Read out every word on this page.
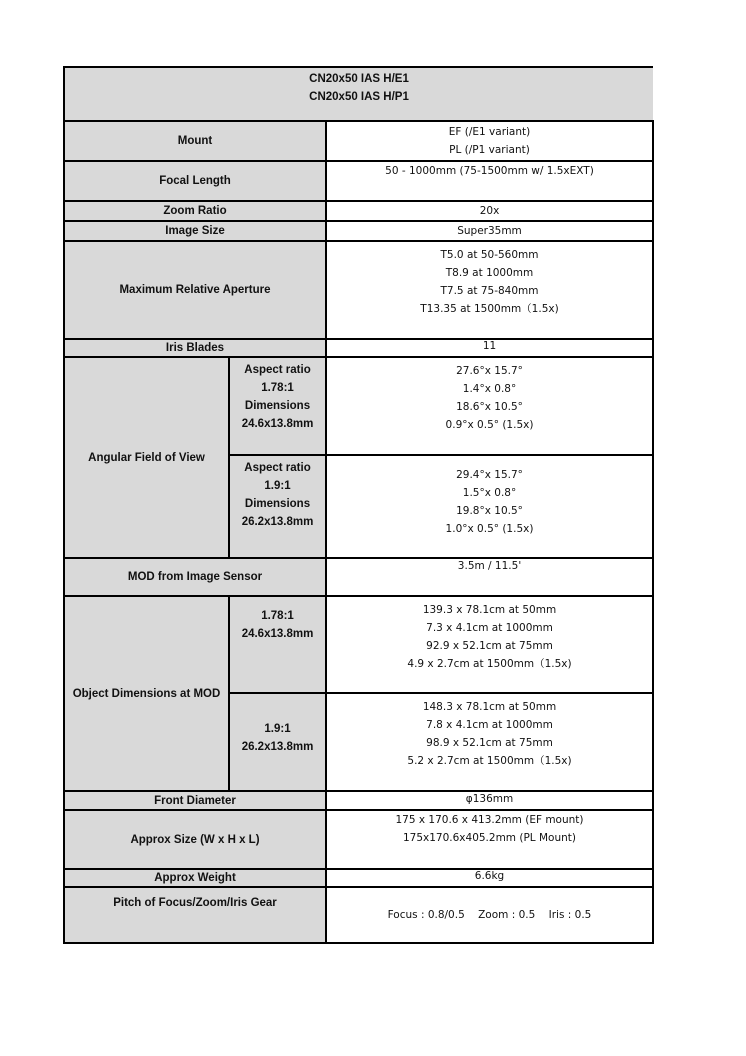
CN20x50 IAS H/E1
CN20x50 IAS H/P1		

Mount		EF (/E1 variant)
PL (/P1 variant)

Focal Length		50 - 1000mm (75-1500mm w/ 1.5xEXT)
Zoom Ratio		20x
Image Size		Super35mm
Maximum Relative Aperture		T5.0 at 50-560mm
T8.9 at 1000mm
T7.5 at 75-840mm
T13.35 at 1500mm（1.5x)

Iris Blades		11
Angular Field of View	Aspect ratio
1.78:1
Dimensions
24.6x13.8mm	27.6°x 15.7°
1.4°x 0.8°
18.6°x 10.5°
0.9°x 0.5° (1.5x)

	Aspect ratio
1.9:1
Dimensions
26.2x13.8mm	29.4°x 15.7°
1.5°x 0.8°
19.8°x 10.5°
1.0°x 0.5° (1.5x)

MOD from Image Sensor		3.5m / 11.5'
Object Dimensions at MOD	1.78:1
24.6x13.8mm	139.3 x 78.1cm at 50mm
7.3 x 4.1cm at 1000mm
92.9 x 52.1cm at 75mm
4.9 x 2.7cm at 1500mm（1.5x)

	1.9:1
26.2x13.8mm	148.3 x 78.1cm at 50mm
7.8 x 4.1cm at 1000mm
98.9 x 52.1cm at 75mm
5.2 x 2.7cm at 1500mm（1.5x)

Front Diameter		φ136mm
Approx Size (W x H x L)		175 x 170.6 x 413.2mm (EF mount)
175x170.6x405.2mm (PL Mount)

Approx Weight		6.6kg
Pitch of Focus/Zoom/Iris Gear		Focus : 0.8/0.5    Zoom : 0.5    Iris : 0.5
